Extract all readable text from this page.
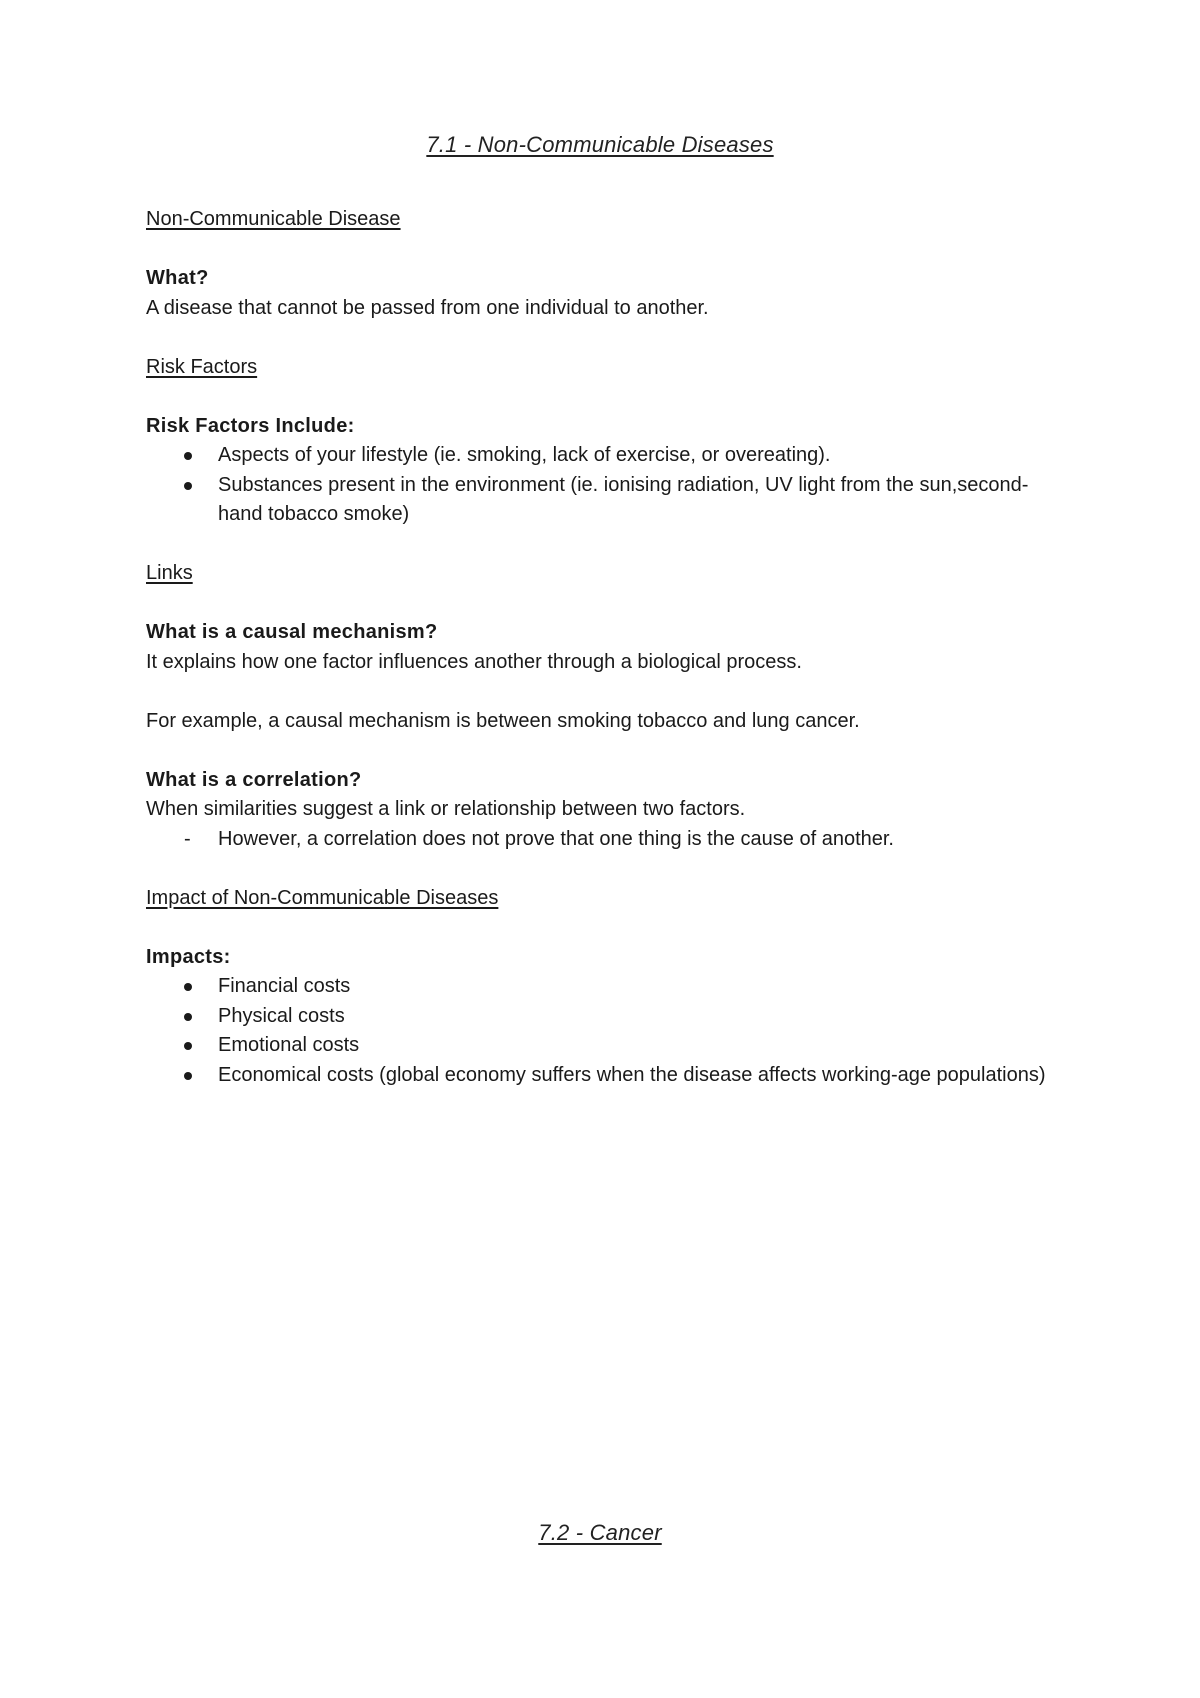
7.1 - Non-Communicable Diseases

Non-Communicable Disease

What?

A disease that cannot be passed from one individual to another.

Risk Factors

Risk Factors Include:

Aspects of your lifestyle (ie. smoking, lack of exercise, or overeating).
Substances present in the environment (ie. ionising radiation, UV light from the sun,second-hand tobacco smoke)

Links

What is a causal mechanism?

It explains how one factor influences another through a biological process.

For example, a causal mechanism is between smoking tobacco and lung cancer.

What is a correlation?

When similarities suggest a link or relationship between two factors.

- However, a correlation does not prove that one thing is the cause of another.

Impact of Non-Communicable Diseases

Impacts:

Financial costs
Physical costs
Emotional costs
Economical costs (global economy suffers when the disease affects working-age populations)
7.2 - Cancer
